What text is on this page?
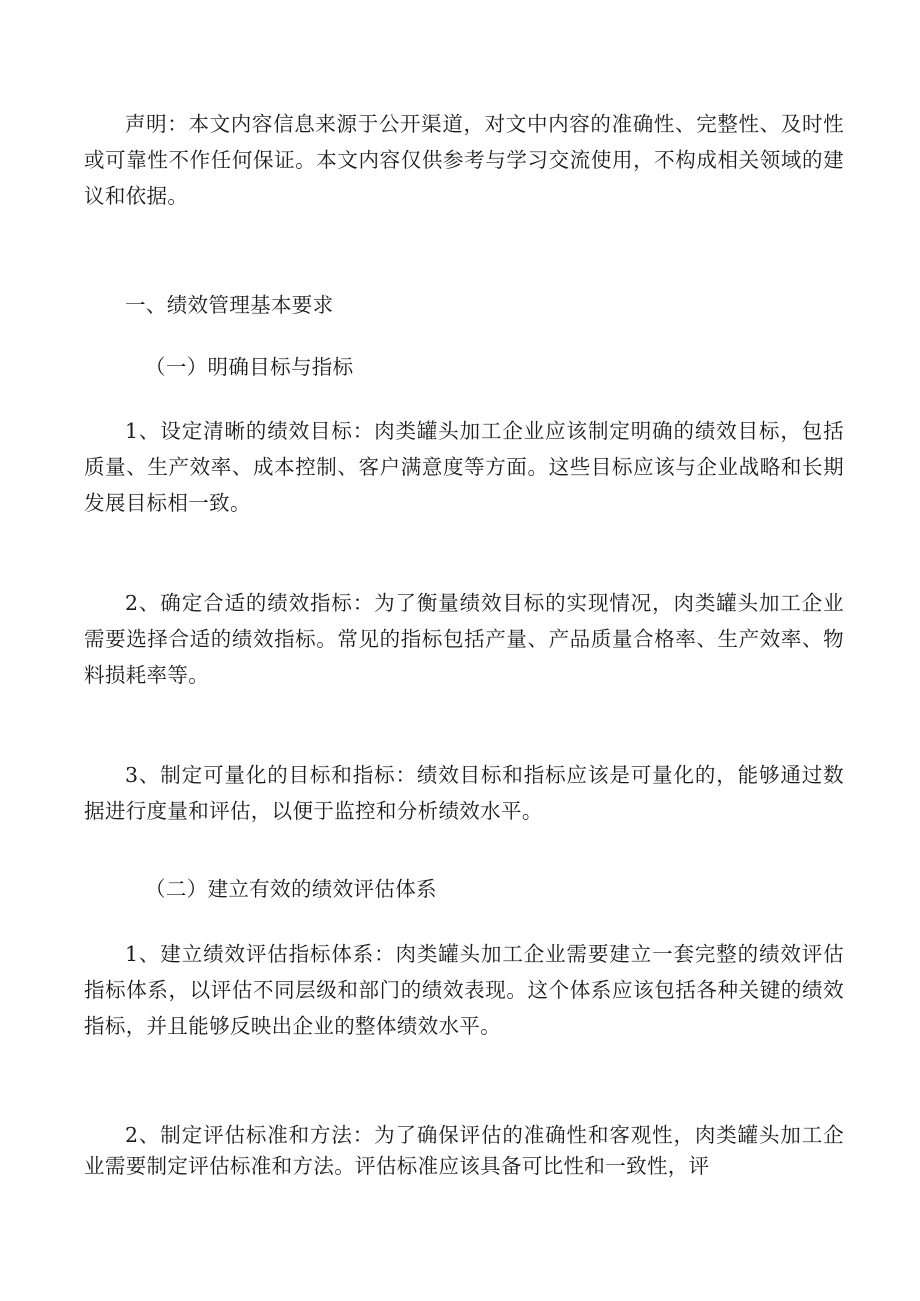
声明：本文内容信息来源于公开渠道，对文中内容的准确性、完整性、及时性或可靠性不作任何保证。本文内容仅供参考与学习交流使用，不构成相关领域的建议和依据。

一、绩效管理基本要求

（一）明确目标与指标

1、设定清晰的绩效目标：肉类罐头加工企业应该制定明确的绩效目标，包括质量、生产效率、成本控制、客户满意度等方面。这些目标应该与企业战略和长期发展目标相一致。

2、确定合适的绩效指标：为了衡量绩效目标的实现情况，肉类罐头加工企业需要选择合适的绩效指标。常见的指标包括产量、产品质量合格率、生产效率、物料损耗率等。

3、制定可量化的目标和指标：绩效目标和指标应该是可量化的，能够通过数据进行度量和评估，以便于监控和分析绩效水平。

（二）建立有效的绩效评估体系

1、建立绩效评估指标体系：肉类罐头加工企业需要建立一套完整的绩效评估指标体系，以评估不同层级和部门的绩效表现。这个体系应该包括各种关键的绩效指标，并且能够反映出企业的整体绩效水平。

2、制定评估标准和方法：为了确保评估的准确性和客观性，肉类罐头加工企业需要制定评估标准和方法。评估标准应该具备可比性和一致性，评
